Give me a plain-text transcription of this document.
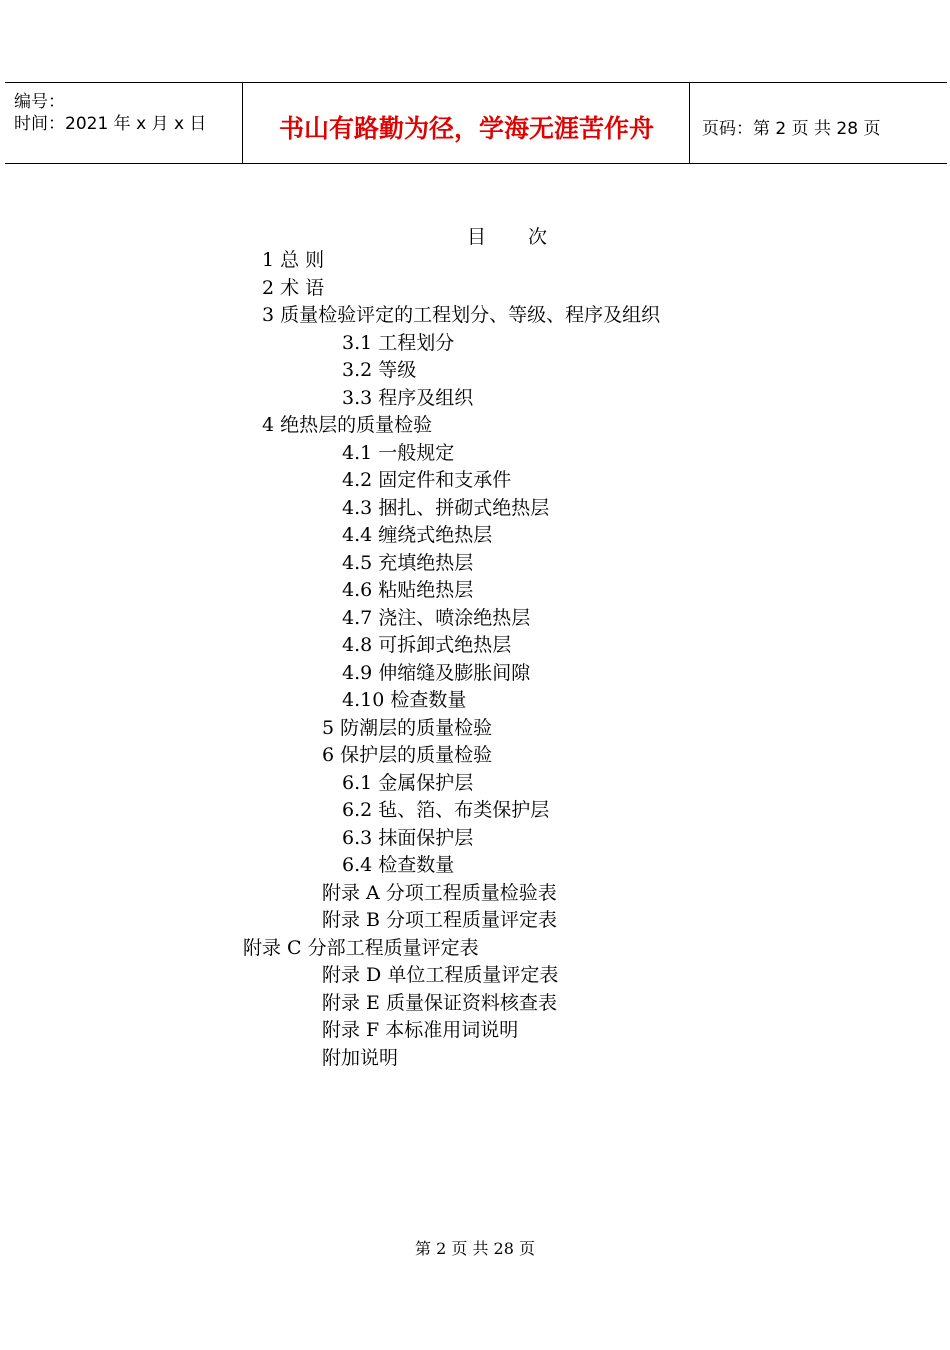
编号：
时间：2021 年 x 月 x 日	书山有路勤为径，学海无涯苦作舟	页码：第 2 页 共 28 页
目 次
1 总 则
2 术 语
3 质量检验评定的工程划分、等级、程序及组织
3.1 工程划分
3.2 等级
3.3 程序及组织
4 绝热层的质量检验
4.1 一般规定
4.2 固定件和支承件
4.3 捆扎、拼砌式绝热层
4.4 缠绕式绝热层
4.5 充填绝热层
4.6 粘贴绝热层
4.7 浇注、喷涂绝热层
4.8 可拆卸式绝热层
4.9 伸缩缝及膨胀间隙
4.10 检查数量
5 防潮层的质量检验
6 保护层的质量检验
6.1 金属保护层
6.2 毡、箔、布类保护层
6.3 抹面保护层
6.4 检查数量
附录 A 分项工程质量检验表
附录 B 分项工程质量评定表
附录 C 分部工程质量评定表
附录 D 单位工程质量评定表
附录 E 质量保证资料核查表
附录 F 本标准用词说明
附加说明
第 2 页 共 28 页
